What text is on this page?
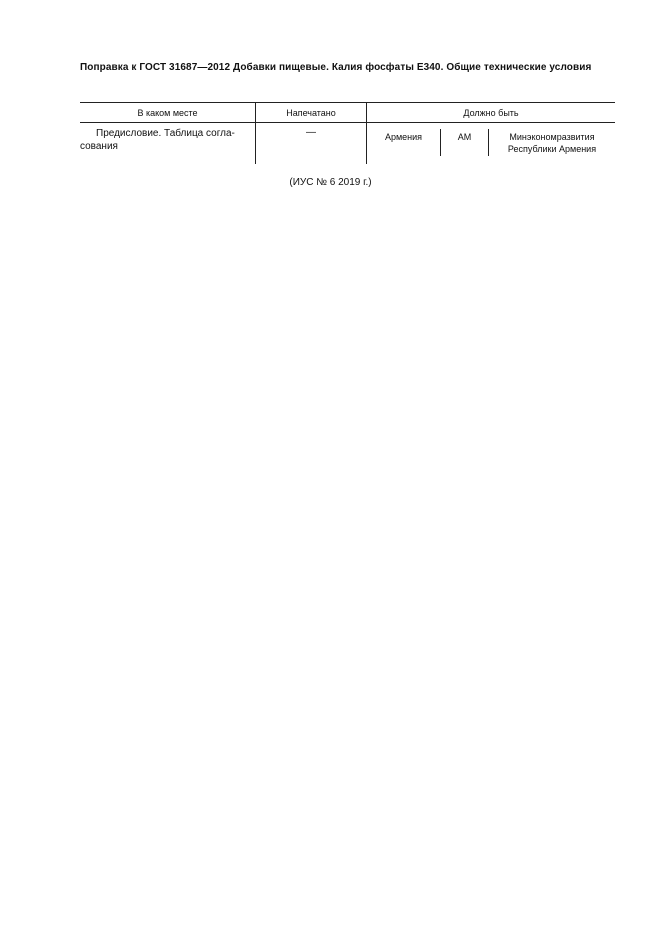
Поправка к ГОСТ 31687—2012 Добавки пищевые. Калия фосфаты Е340. Общие технические условия
В каком месте	Напечатано	Должно быть
Предисловие. Таблица согла-
сования
—	Армения	AM	Минэкономразвития
Республики Армения
(ИУС № 6 2019 г.)
